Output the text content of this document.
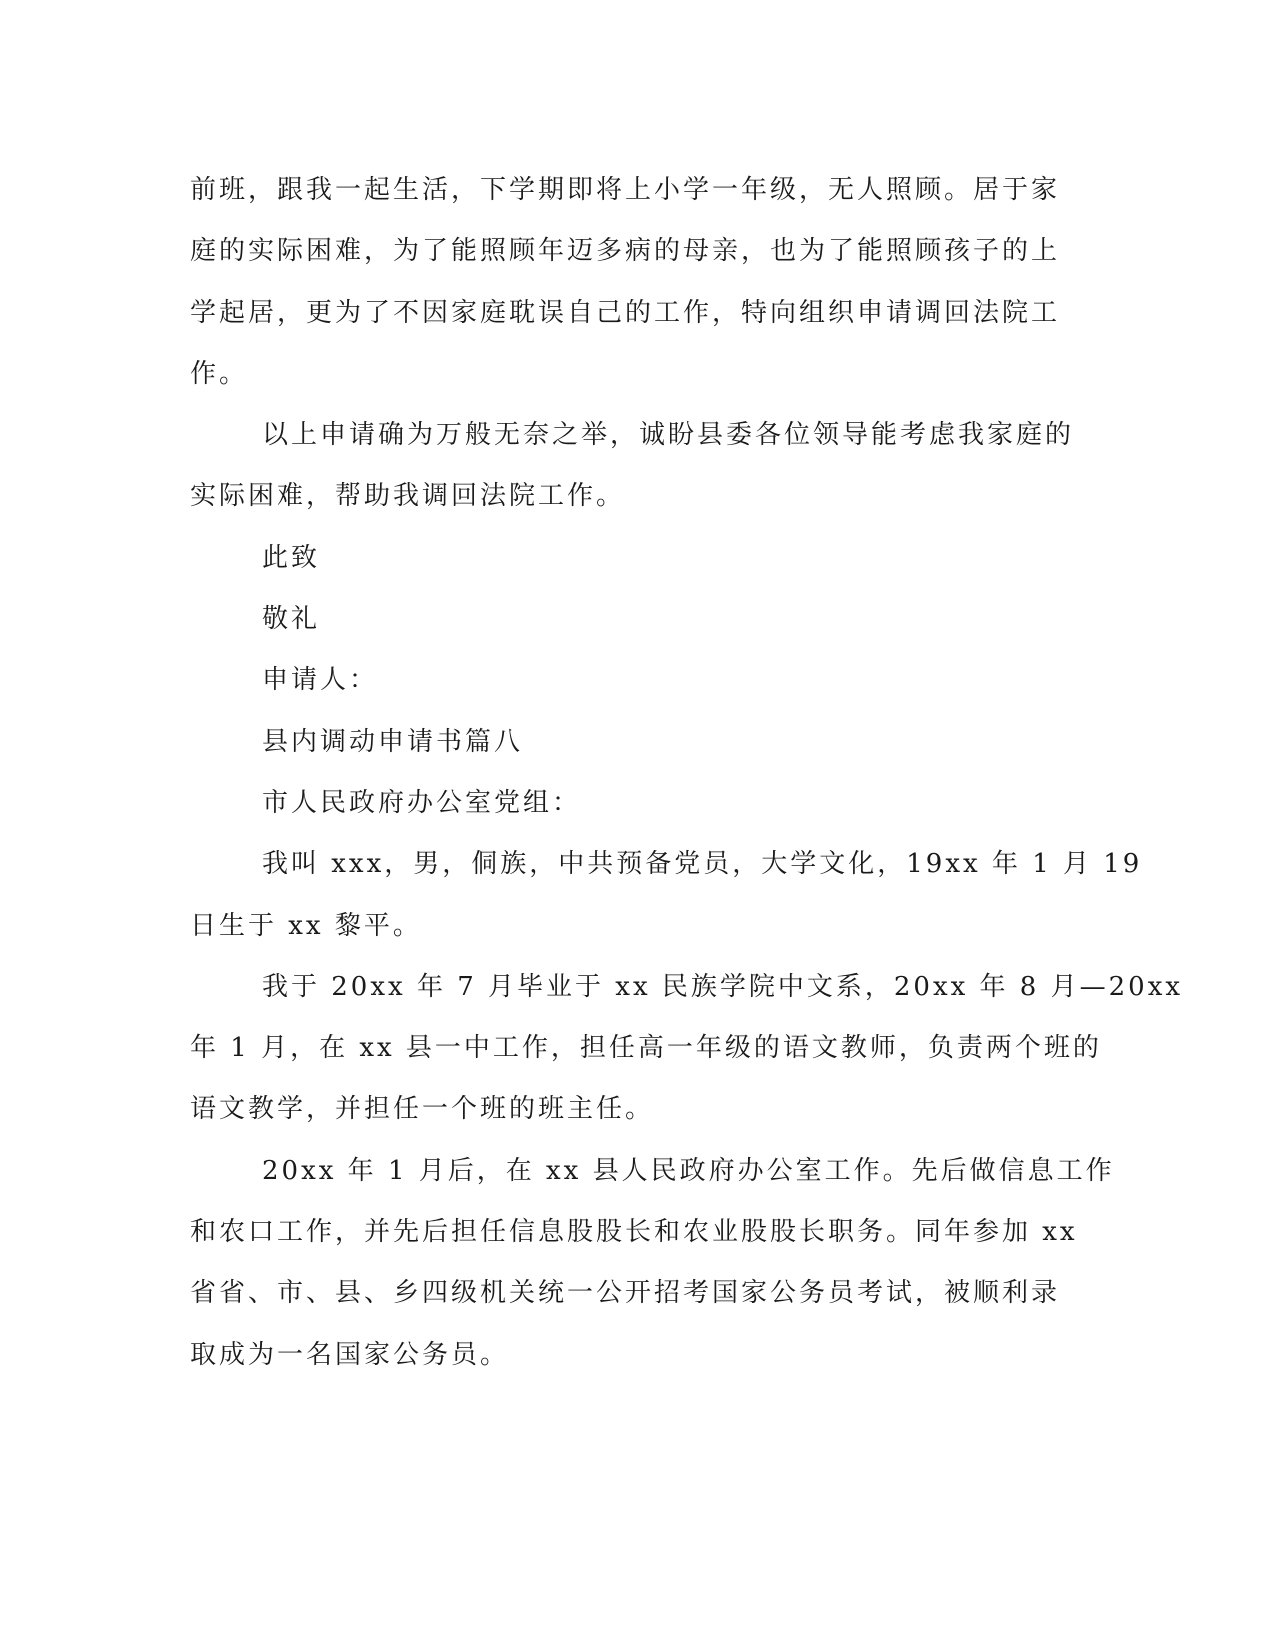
前班，跟我一起生活，下学期即将上小学一年级，无人照顾。居于家

庭的实际困难，为了能照顾年迈多病的母亲，也为了能照顾孩子的上

学起居，更为了不因家庭耽误自己的工作，特向组织申请调回法院工

作。

以上申请确为万般无奈之举，诚盼县委各位领导能考虑我家庭的

实际困难，帮助我调回法院工作。

此致

敬礼

申请人：

县内调动申请书篇八

市人民政府办公室党组：

我叫 xxx，男，侗族，中共预备党员，大学文化，19xx 年 1 月 19

日生于 xx 黎平。

我于 20xx 年 7 月毕业于 xx 民族学院中文系，20xx 年 8 月—20xx

年 1 月，在 xx 县一中工作，担任高一年级的语文教师，负责两个班的

语文教学，并担任一个班的班主任。

20xx 年 1 月后，在 xx 县人民政府办公室工作。先后做信息工作

和农口工作，并先后担任信息股股长和农业股股长职务。同年参加 xx

省省、市、县、乡四级机关统一公开招考国家公务员考试，被顺利录

取成为一名国家公务员。
